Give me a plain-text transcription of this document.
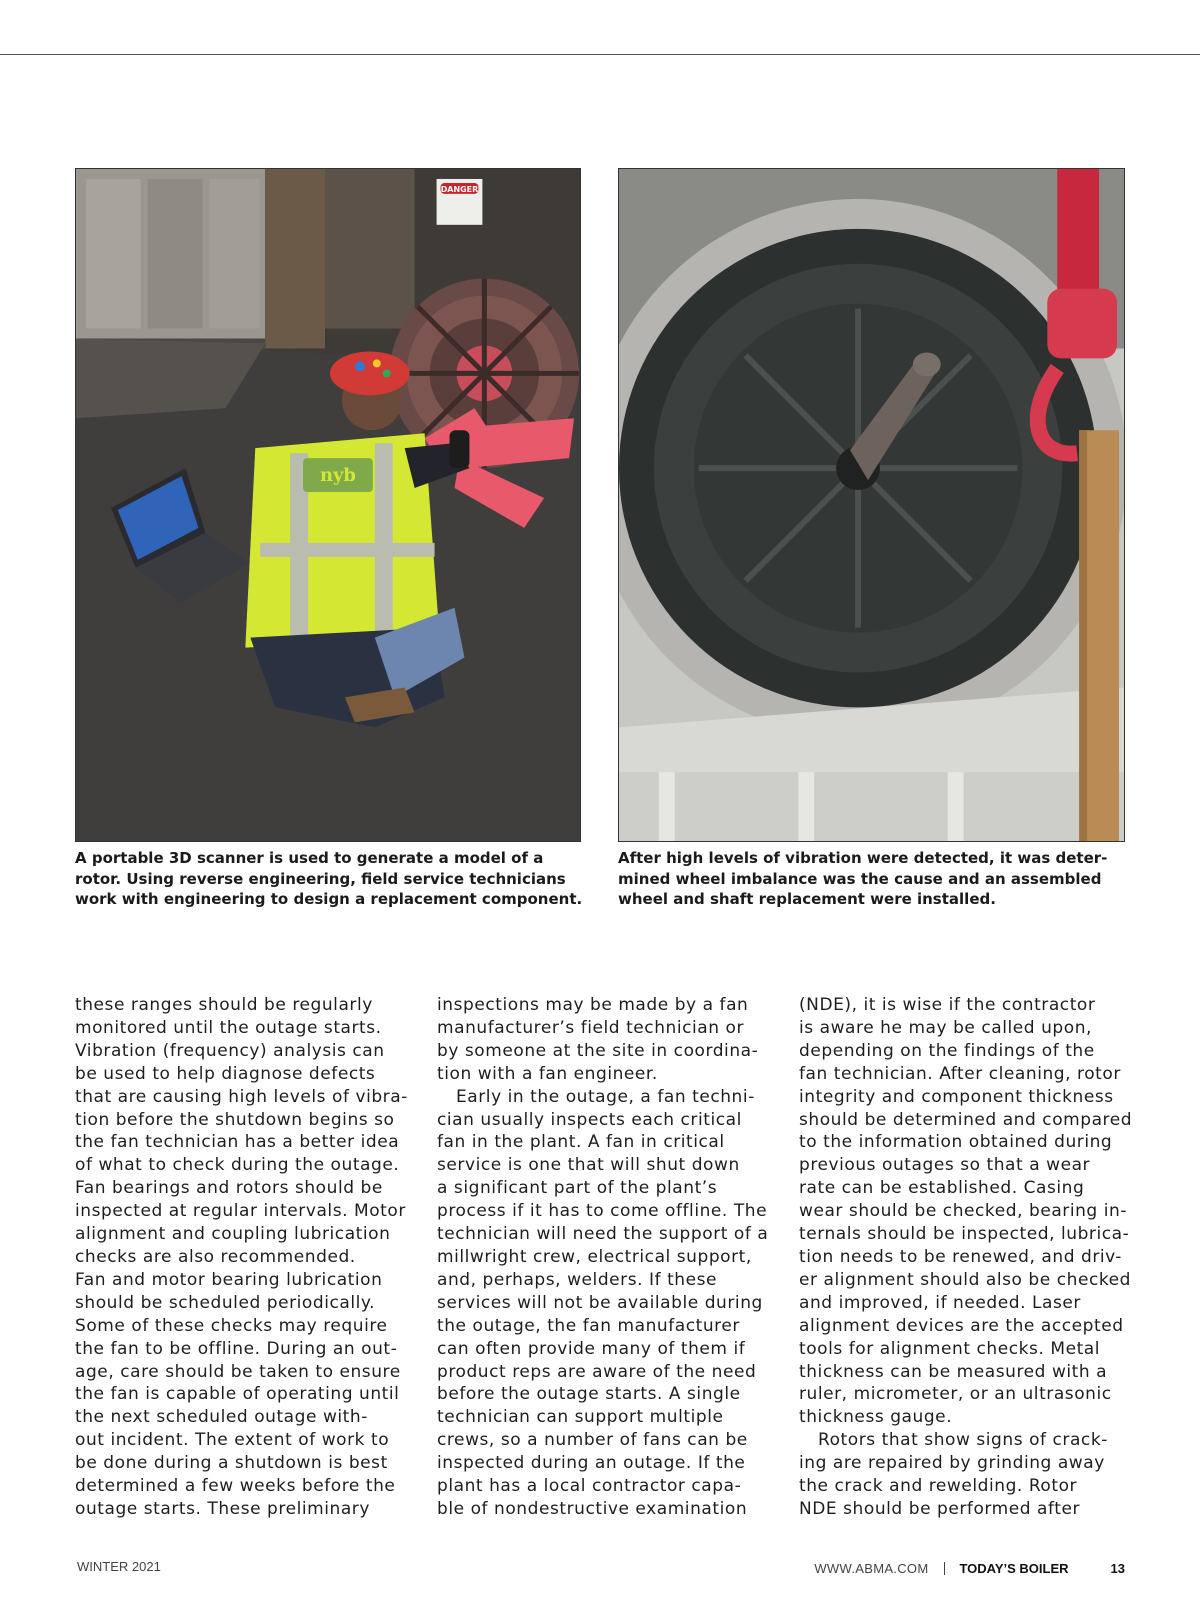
DANGER
nyb
A portable 3D scanner is used to generate a model of a
rotor. Using reverse engineering, field service technicians
work with engineering to design a replacement component.
After high levels of vibration were detected, it was deter-
mined wheel imbalance was the cause and an assembled
wheel and shaft replacement were installed.
these ranges should be regularly
monitored until the outage starts.
Vibration (frequency) analysis can
be used to help diagnose defects
that are causing high levels of vibra-
tion before the shutdown begins so
the fan technician has a better idea
of what to check during the outage.
Fan bearings and rotors should be
inspected at regular intervals. Motor
alignment and coupling lubrication
checks are also recommended.
Fan and motor bearing lubrication
should be scheduled periodically.
Some of these checks may require
the fan to be offline. During an out-
age, care should be taken to ensure
the fan is capable of operating until
the next scheduled outage with-
out incident. The extent of work to
be done during a shutdown is best
determined a few weeks before the
outage starts. These preliminary
inspections may be made by a fan
manufacturer’s field technician or
by someone at the site in coordina-
tion with a fan engineer.
Early in the outage, a fan techni-
cian usually inspects each critical
fan in the plant. A fan in critical
service is one that will shut down
a significant part of the plant’s
process if it has to come offline. The
technician will need the support of a
millwright crew, electrical support,
and, perhaps, welders. If these
services will not be available during
the outage, the fan manufacturer
can often provide many of them if
product reps are aware of the need
before the outage starts. A single
technician can support multiple
crews, so a number of fans can be
inspected during an outage. If the
plant has a local contractor capa-
ble of nondestructive examination
(NDE), it is wise if the contractor
is aware he may be called upon,
depending on the findings of the
fan technician. After cleaning, rotor
integrity and component thickness
should be determined and compared
to the information obtained during
previous outages so that a wear
rate can be established. Casing
wear should be checked, bearing in-
ternals should be inspected, lubrica-
tion needs to be renewed, and driv-
er alignment should also be checked
and improved, if needed. Laser
alignment devices are the accepted
tools for alignment checks. Metal
thickness can be measured with a
ruler, micrometer, or an ultrasonic
thickness gauge.
Rotors that show signs of crack-
ing are repaired by grinding away
the crack and rewelding. Rotor
NDE should be performed after
WINTER 2021	WWW.ABMA.COM TODAY’S BOILER	13
